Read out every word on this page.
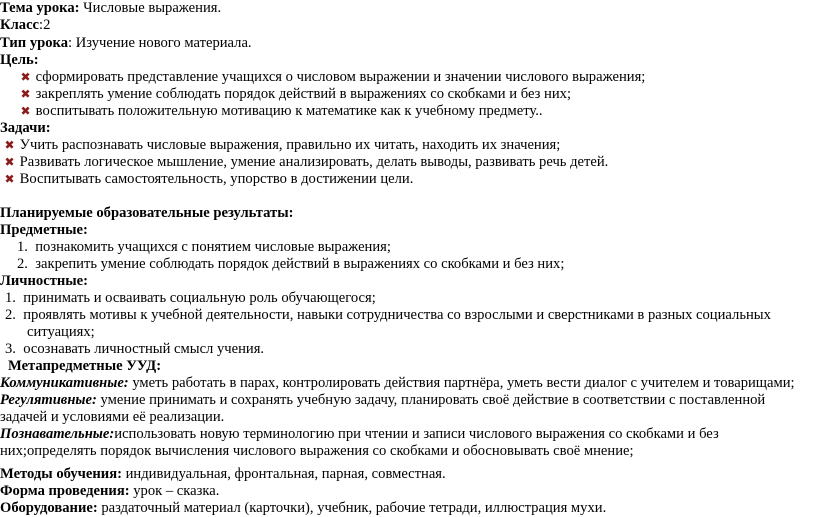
Тема урока: Числовые выражения.
Класс:2
Тип урока: Изучение нового материала.
Цель:
✖ сформировать представление учащихся о числовом выражении и значении числового выражения;
✖ закреплять умение соблюдать порядок действий в выражениях со скобками и без них;
✖ воспитывать положительную мотивацию к математике как к учебному предмету..
Задачи:
✖ Учить распознавать числовые выражения, правильно их читать, находить их значения;
✖ Развивать логическое мышление, умение анализировать, делать выводы, развивать речь детей.
✖ Воспитывать самостоятельность, упорство в достижении цели.
Планируемые образовательные результаты:
Предметные:
1. познакомить учащихся с понятием числовые выражения;
2. закрепить умение соблюдать порядок действий в выражениях со скобками и без них;
Личностные:
1. принимать и осваивать социальную роль обучающегося;
2. проявлять мотивы к учебной деятельности, навыки сотрудничества со взрослыми и сверстниками в разных социальных
ситуациях;
3. осознавать личностный смысл учения.
Метапредметные УУД:
Коммуникативные: уметь работать в парах, контролировать действия партнёра, уметь вести диалог с учителем и товарищами;
Регулятивные: умение принимать и сохранять учебную задачу, планировать своё действие в соответствии с поставленной
задачей и условиями её реализации.
Познавательные:использовать новую терминологию при чтении и записи числового выражения со скобками и без
них;определять порядок вычисления числового выражения со скобками и обосновывать своё мнение;
Методы обучения: индивидуальная, фронтальная, парная, совместная.
Форма проведения: урок – сказка.
Оборудование: раздаточный материал (карточки), учебник, рабочие тетради, иллюстрация мухи.
